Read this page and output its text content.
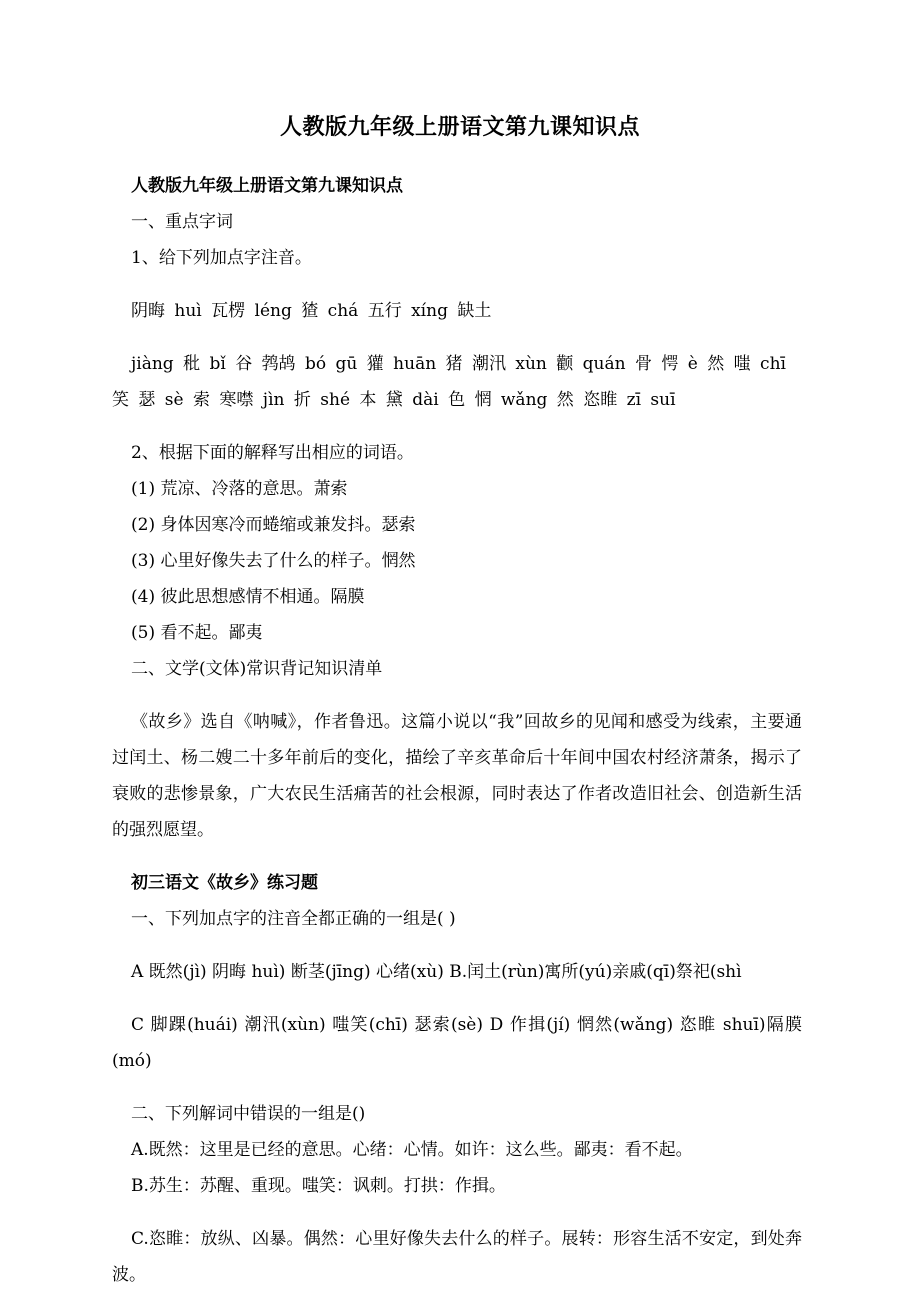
人教版九年级上册语文第九课知识点

人教版九年级上册语文第九课知识点

一、重点字词

1、给下列加点字注音。

阴晦 huì 瓦楞 léng 猹 chá 五行 xíng 缺土

jiàng 秕 bǐ 谷 鹁鸪 bó gū 獾 huān 猪 潮汛 xùn 颧 quán 骨 愕 è 然 嗤 chī 笑 瑟 sè 索 寒噤 jìn 折 shé 本 黛 dài 色 惘 wǎng 然 恣睢 zī suī

2、根据下面的解释写出相应的词语。

(1) 荒凉、冷落的意思。萧索

(2) 身体因寒冷而蜷缩或兼发抖。瑟索

(3) 心里好像失去了什么的样子。惘然

(4) 彼此思想感情不相通。隔膜

(5) 看不起。鄙夷

二、文学(文体)常识背记知识清单

《故乡》选自《呐喊》，作者鲁迅。这篇小说以“我”回故乡的见闻和感受为线索，主要通过闰土、杨二嫂二十多年前后的变化，描绘了辛亥革命后十年间中国农村经济萧条，揭示了衰败的悲惨景象，广大农民生活痛苦的社会根源，同时表达了作者改造旧社会、创造新生活的强烈愿望。

初三语文《故乡》练习题

一、下列加点字的注音全都正确的一组是( )

A 既然(jì) 阴晦 huì) 断茎(jīng) 心绪(xù) B.闰土(rùn)寓所(yú)亲戚(qī)祭祀(shì

C 脚踝(huái) 潮汛(xùn) 嗤笑(chī) 瑟索(sè) D 作揖(jí) 惘然(wǎng) 恣睢 shuī)隔膜(mó)

二、下列解词中错误的一组是()

A.既然：这里是已经的意思。心绪：心情。如许：这么些。鄙夷：看不起。

B.苏生：苏醒、重现。嗤笑：讽刺。打拱：作揖。

C.恣睢：放纵、凶暴。偶然：心里好像失去什么的样子。展转：形容生活不安定，到处奔波。
